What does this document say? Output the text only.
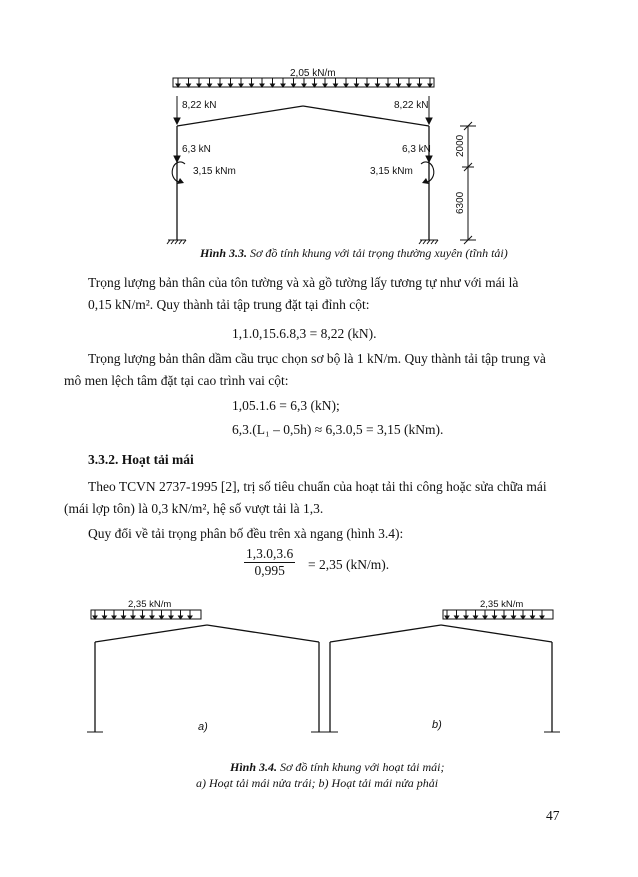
2,05 kN/m
8,22 kN	8,22 kN
6,3 kN	6,3 kN
3,15 kNm	3,15 kNm
2000
6300
Hình 3.3. Sơ đồ tính khung với tải trọng thường xuyên (tĩnh tải)

Trọng lượng bản thân của tôn tường và xà gồ tường lấy tương tự như với mái là

0,15 kN/m². Quy thành tải tập trung đặt tại đỉnh cột:

1,1.0,15.6.8,3 = 8,22 (kN).

Trọng lượng bản thân dầm cầu trục chọn sơ bộ là 1 kN/m. Quy thành tải tập trung và

mô men lệch tâm đặt tại cao trình vai cột:

1,05.1.6 = 6,3 (kN);
6,3.(L₁ – 0,5h) ≈ 6,3.0,5 = 3,15 (kNm).
3.3.2. Hoạt tải mái

Theo TCVN 2737-1995 [2], trị số tiêu chuẩn của hoạt tải thi công hoặc sửa chữa mái

(mái lợp tôn) là 0,3 kN/m², hệ số vượt tải là 1,3.

Quy đổi về tải trọng phân bố đều trên xà ngang (hình 3.4):
$\frac{1,3.0,3.6}{0,995} = 2,35$ (kN/m).
2,35 kN/m
a)
2,35 kN/m
b)
Hình 3.4. Sơ đồ tính khung với hoạt tải mái;
a) Hoạt tải mái nửa trái; b) Hoạt tải mái nửa phải
47
